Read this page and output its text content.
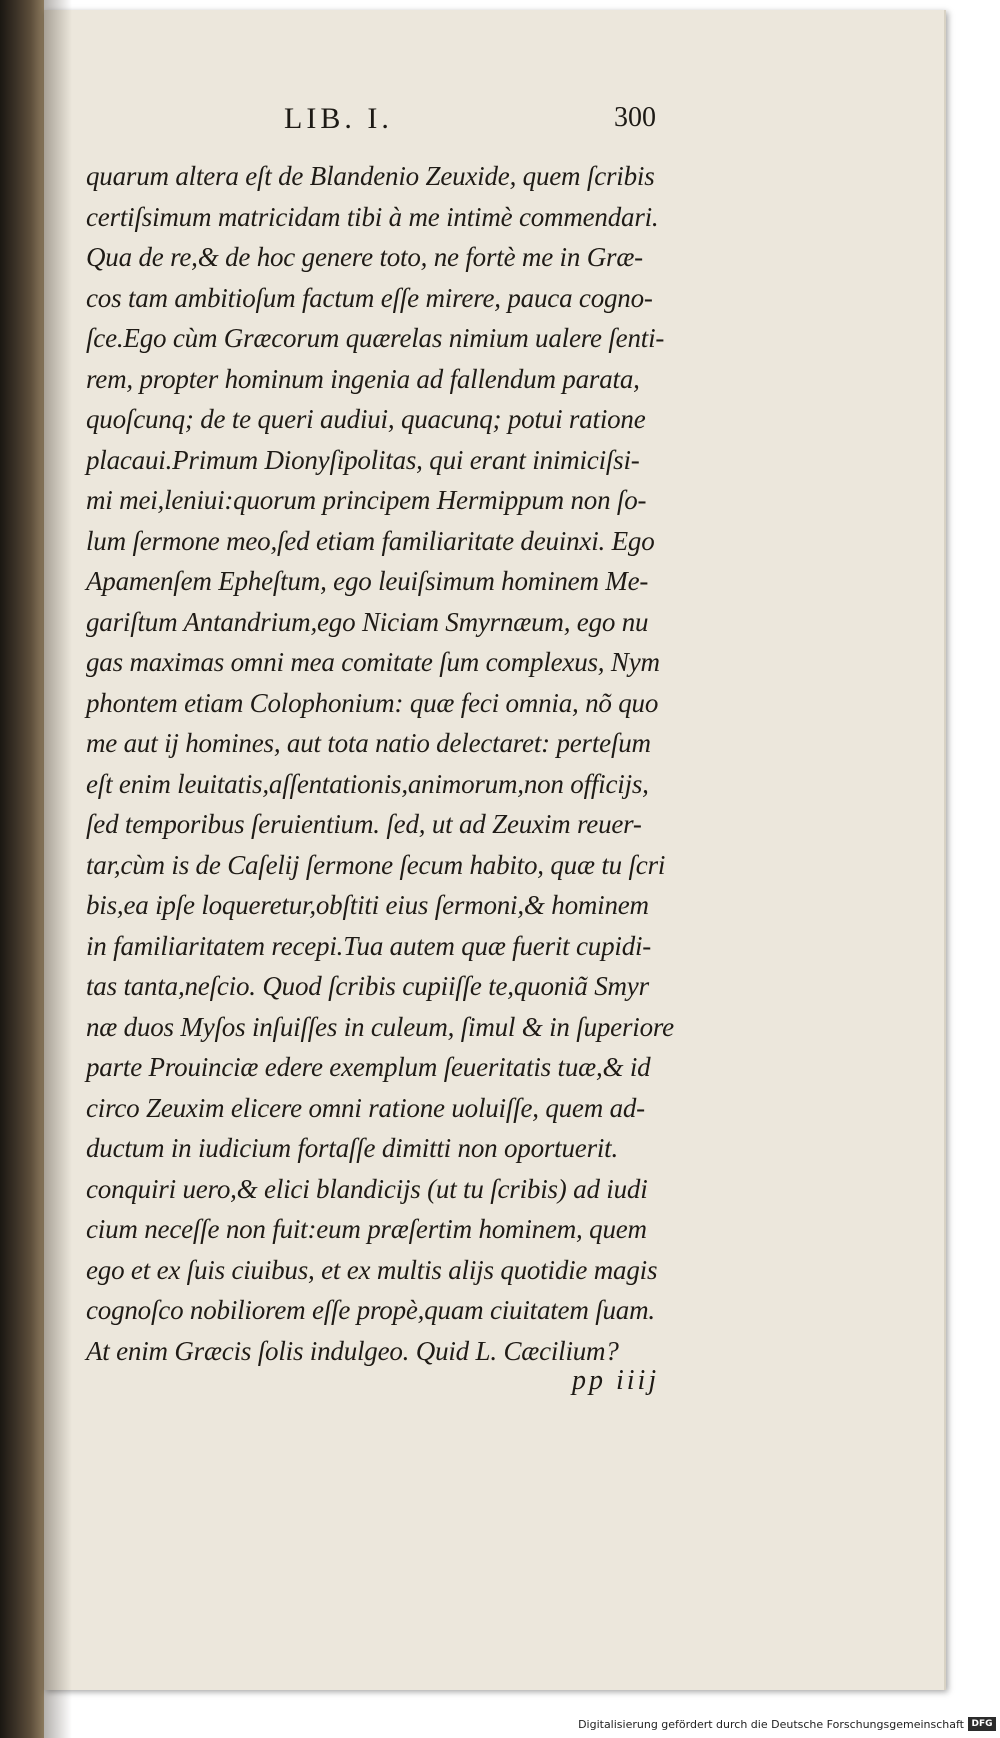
LIB. I.	300
quarum altera eſt de Blandenio Zeuxide, quem ſcribis
certiſsimum matricidam tibi à me intimè commendari.
Qua de re,& de hoc genere toto, ne fortè me in Græ-
cos tam ambitioſum factum eſſe mirere, pauca cogno-
ſce.Ego cùm Græcorum quærelas nimium ualere ſenti-
rem, propter hominum ingenia ad fallendum parata,
quoſcunq; de te queri audiui, quacunq; potui ratione
placaui.Primum Dionyſipolitas, qui erant inimiciſsi-
mi mei,leniui:quorum principem Hermippum non ſo-
lum ſermone meo,ſed etiam familiaritate deuinxi. Ego
Apamenſem Epheſtum, ego leuiſsimum hominem Me-
gariſtum Antandrium,ego Niciam Smyrnæum, ego nu
gas maximas omni mea comitate ſum complexus, Nym
phontem etiam Colophonium: quæ feci omnia, nõ quo
me aut ij homines, aut tota natio delectaret: perteſum
eſt enim leuitatis,aſſentationis,animorum,non officijs,
ſed temporibus ſeruientium. ſed, ut ad Zeuxim reuer-
tar,cùm is de Caſelij ſermone ſecum habito, quæ tu ſcri
bis,ea ipſe loqueretur,obſtiti eius ſermoni,& hominem
in familiaritatem recepi.Tua autem quæ fuerit cupidi-
tas tanta,neſcio. Quod ſcribis cupiiſſe te,quoniã Smyr
næ duos Myſos inſuiſſes in culeum, ſimul & in ſuperiore
parte Prouinciæ edere exemplum ſeueritatis tuæ,& id
circo Zeuxim elicere omni ratione uoluiſſe, quem ad-
ductum in iudicium fortaſſe dimitti non oportuerit.
conquiri uero,& elici blandicijs (ut tu ſcribis) ad iudi
cium neceſſe non fuit:eum præſertim hominem, quem
ego et ex ſuis ciuibus, et ex multis alijs quotidie magis
cognoſco nobiliorem eſſe propè,quam ciuitatem ſuam.
At enim Græcis ſolis indulgeo. Quid L. Cæcilium?
pp iiij
Digitalisierung gefördert durch die Deutsche Forschungsgemeinschaft DFG
